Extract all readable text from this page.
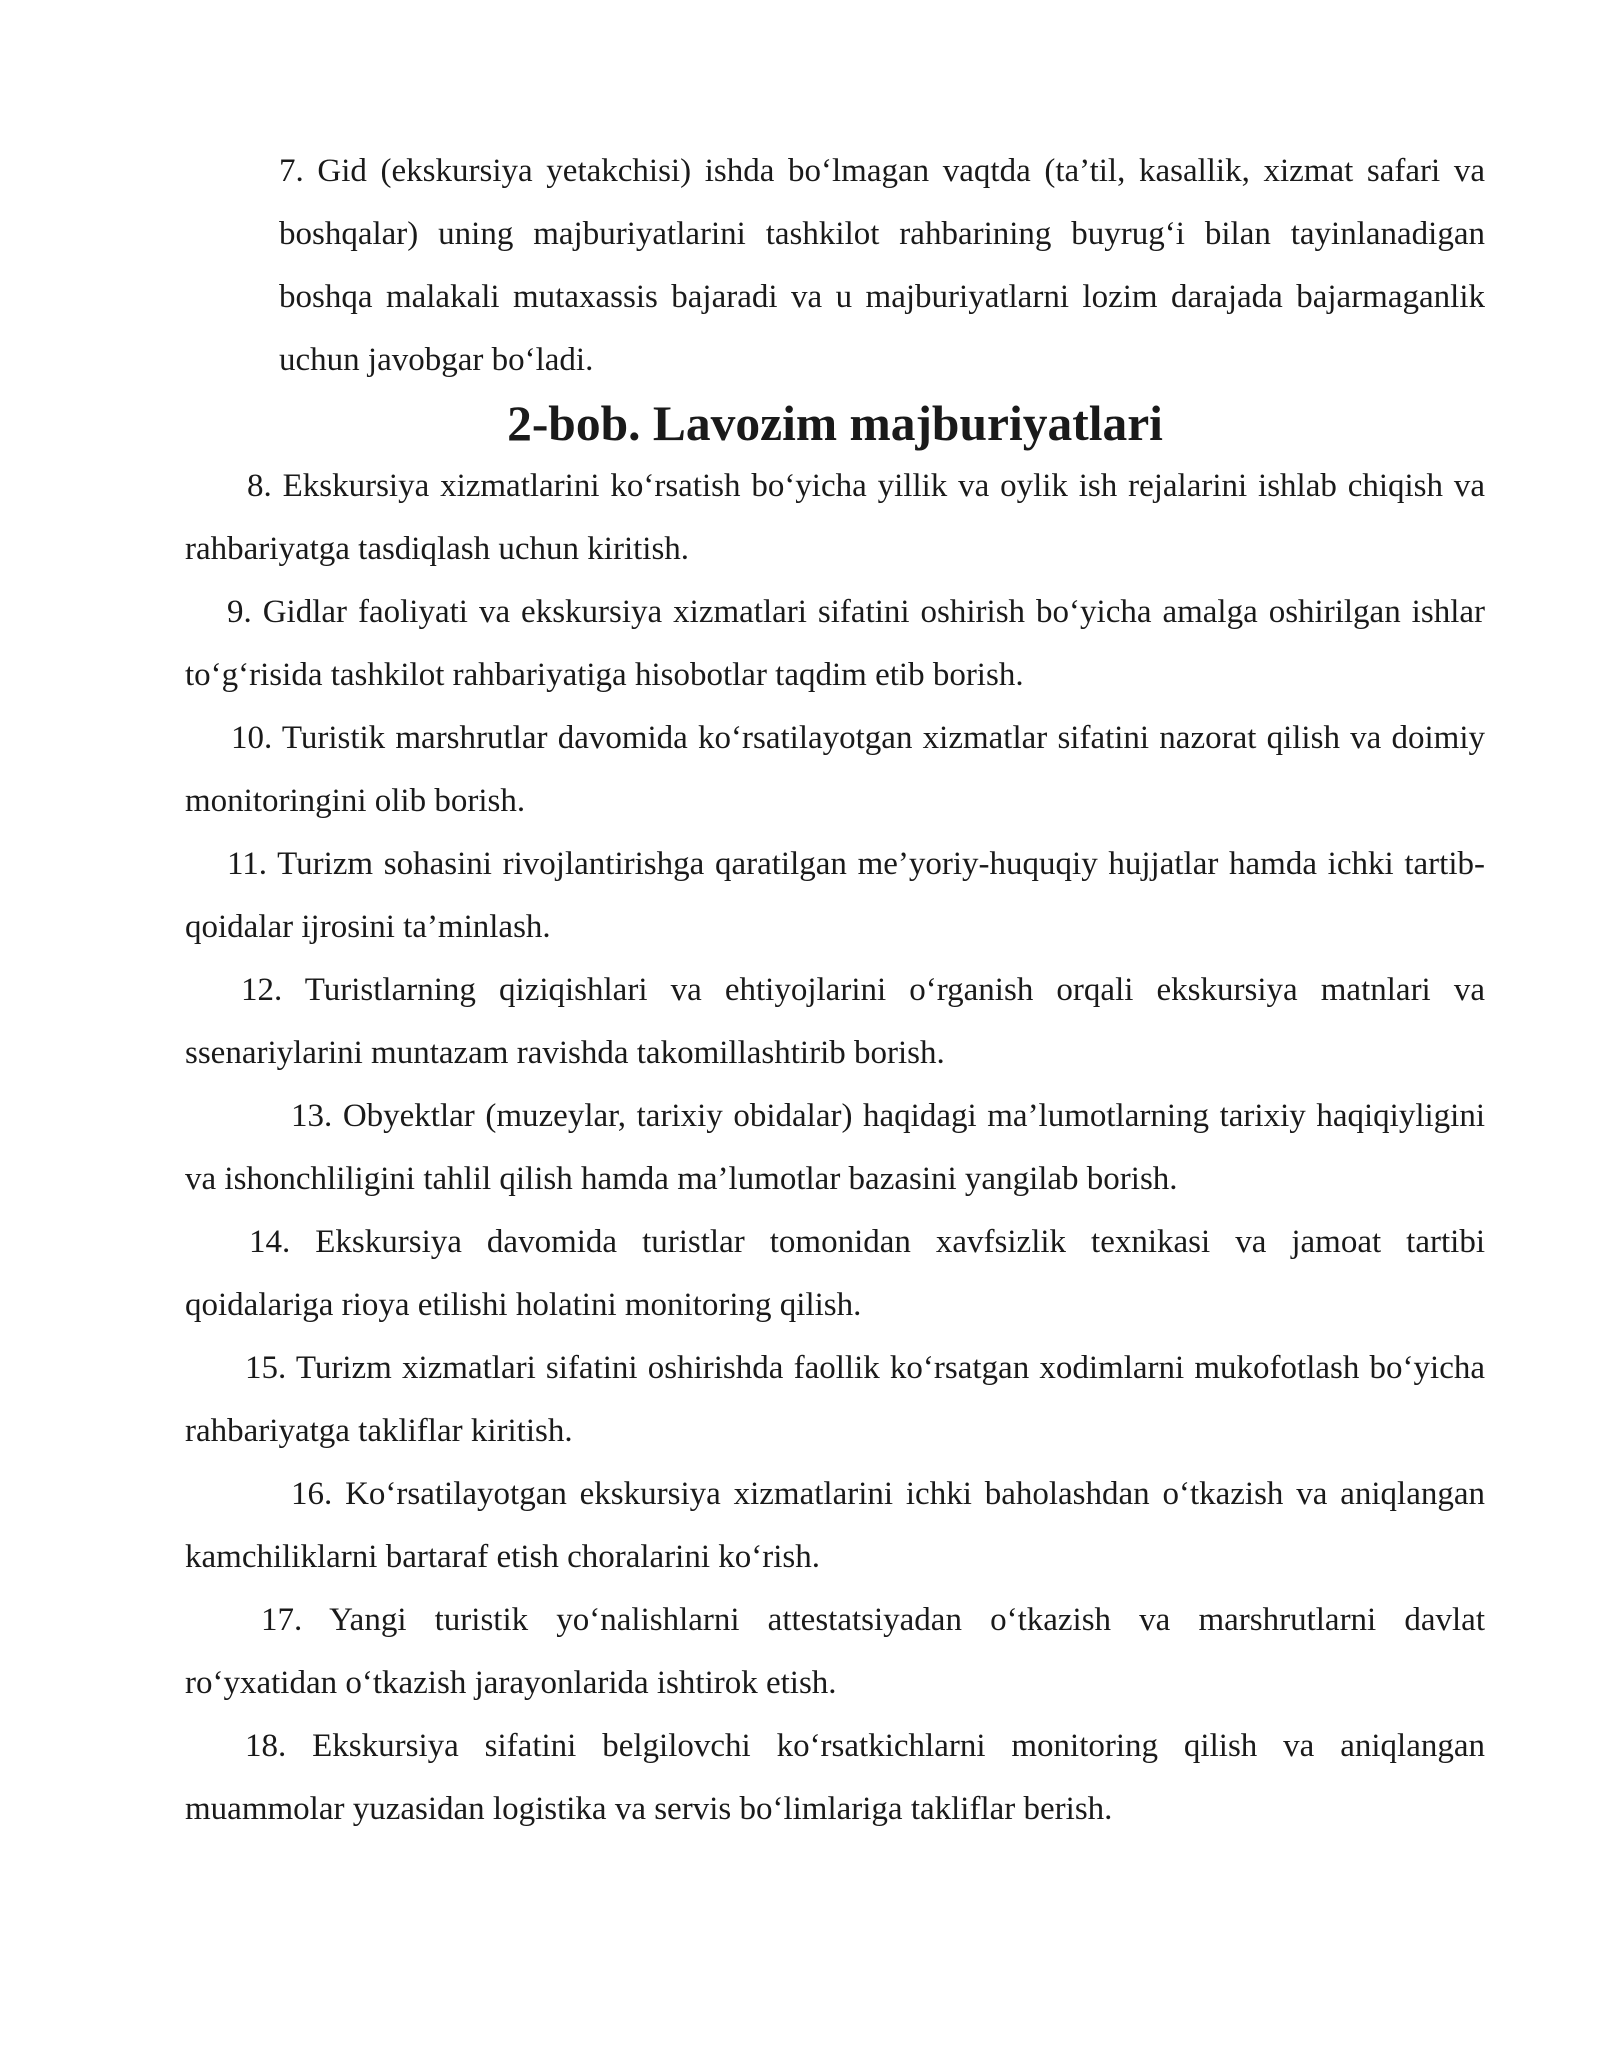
7. Gid (ekskursiya yetakchisi) ishda bo‘lmagan vaqtda (ta’til, kasallik, xizmat safari va boshqalar) uning majburiyatlarini tashkilot rahbarining buyrug‘i bilan tayinlanadigan boshqa malakali mutaxassis bajaradi va u majburiyatlarni lozim darajada bajarmaganlik uchun javobgar bo‘ladi.

2-bob. Lavozim majburiyatlari

8. Ekskursiya xizmatlarini ko‘rsatish bo‘yicha yillik va oylik ish rejalarini ishlab chiqish va rahbariyatga tasdiqlash uchun kiritish.

9. Gidlar faoliyati va ekskursiya xizmatlari sifatini oshirish bo‘yicha amalga oshirilgan ishlar to‘g‘risida tashkilot rahbariyatiga hisobotlar taqdim etib borish.

10. Turistik marshrutlar davomida ko‘rsatilayotgan xizmatlar sifatini nazorat qilish va doimiy monitoringini olib borish.

11. Turizm sohasini rivojlantirishga qaratilgan me’yoriy-huquqiy hujjatlar hamda ichki tartib-qoidalar ijrosini ta’minlash.

12. Turistlarning qiziqishlari va ehtiyojlarini o‘rganish orqali ekskursiya matnlari va ssenariylarini muntazam ravishda takomillashtirib borish.

13. Obyektlar (muzeylar, tarixiy obidalar) haqidagi ma’lumotlarning tarixiy haqiqiyligini va ishonchliligini tahlil qilish hamda ma’lumotlar bazasini yangilab borish.

14. Ekskursiya davomida turistlar tomonidan xavfsizlik texnikasi va jamoat tartibi qoidalariga rioya etilishi holatini monitoring qilish.

15. Turizm xizmatlari sifatini oshirishda faollik ko‘rsatgan xodimlarni mukofotlash bo‘yicha rahbariyatga takliflar kiritish.

16. Ko‘rsatilayotgan ekskursiya xizmatlarini ichki baholashdan o‘tkazish va aniqlangan kamchiliklarni bartaraf etish choralarini ko‘rish.

17. Yangi turistik yo‘nalishlarni attestatsiyadan o‘tkazish va marshrutlarni davlat ro‘yxatidan o‘tkazish jarayonlarida ishtirok etish.

18. Ekskursiya sifatini belgilovchi ko‘rsatkichlarni monitoring qilish va aniqlangan muammolar yuzasidan logistika va servis bo‘limlariga takliflar berish.
